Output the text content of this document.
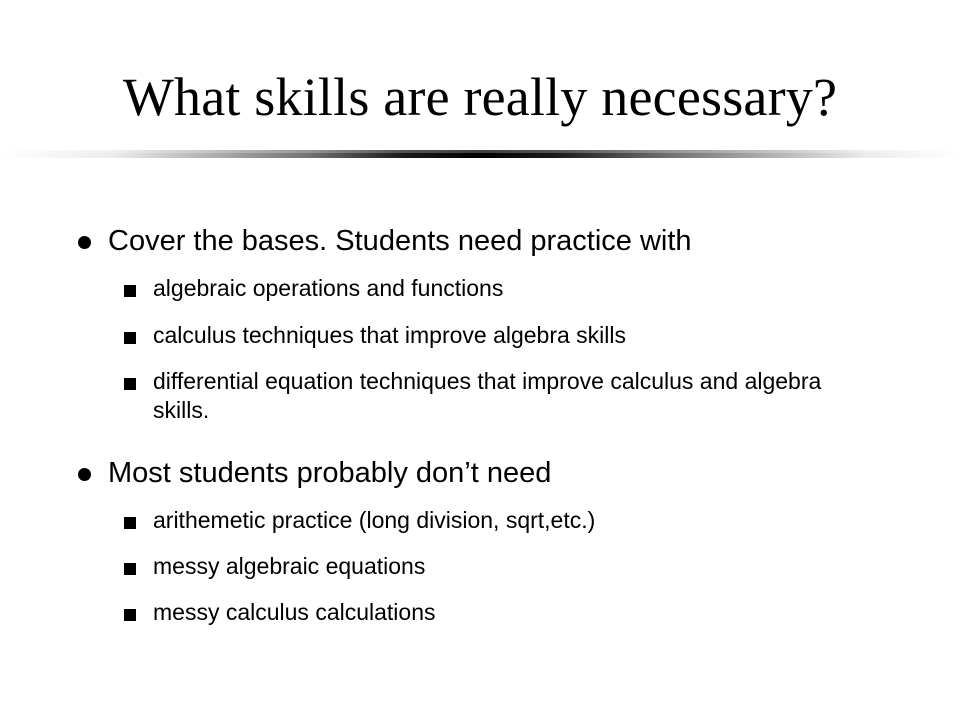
What skills are really necessary?
Cover the bases. Students need practice with
algebraic operations and functions
calculus techniques that improve algebra skills
differential equation techniques that improve calculus and algebra skills.
Most students probably don’t need
arithemetic practice (long division, sqrt,etc.)
messy algebraic equations
messy calculus calculations
